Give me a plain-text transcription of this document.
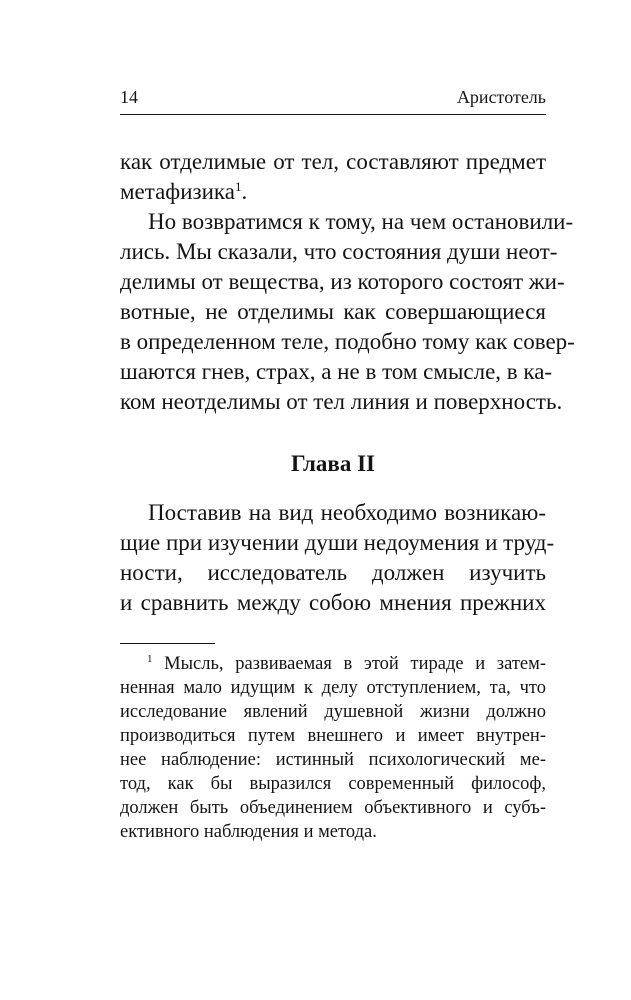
14	Аристотель
как отделимые от тел, составляют предмет
метафизика$^1$.
Но возвратимся к тому, на чем остановили-
лись. Мы сказали, что состояния души неот-
делимы от вещества, из которого состоят жи-
вотные, не отделимы как совершающиеся
в определенном теле, подобно тому как совер-
шаются гнев, страх, а не в том смысле, в ка-
ком неотделимы от тел линия и поверхность.
Глава II
Поставив на вид необходимо возникаю-
щие при изучении души недоумения и труд-
ности, исследователь должен изучить
и сравнить между собою мнения прежних
$^1$ Мысль, развиваемая в этой тираде и затем-
ненная мало идущим к делу отступлением, та, что
исследование явлений душевной жизни должно
производиться путем внешнего и имеет внутрен-
нее наблюдение: истинный психологический ме-
тод, как бы выразился современный философ,
должен быть объединением объективного и субъ-
ективного наблюдения и метода.
